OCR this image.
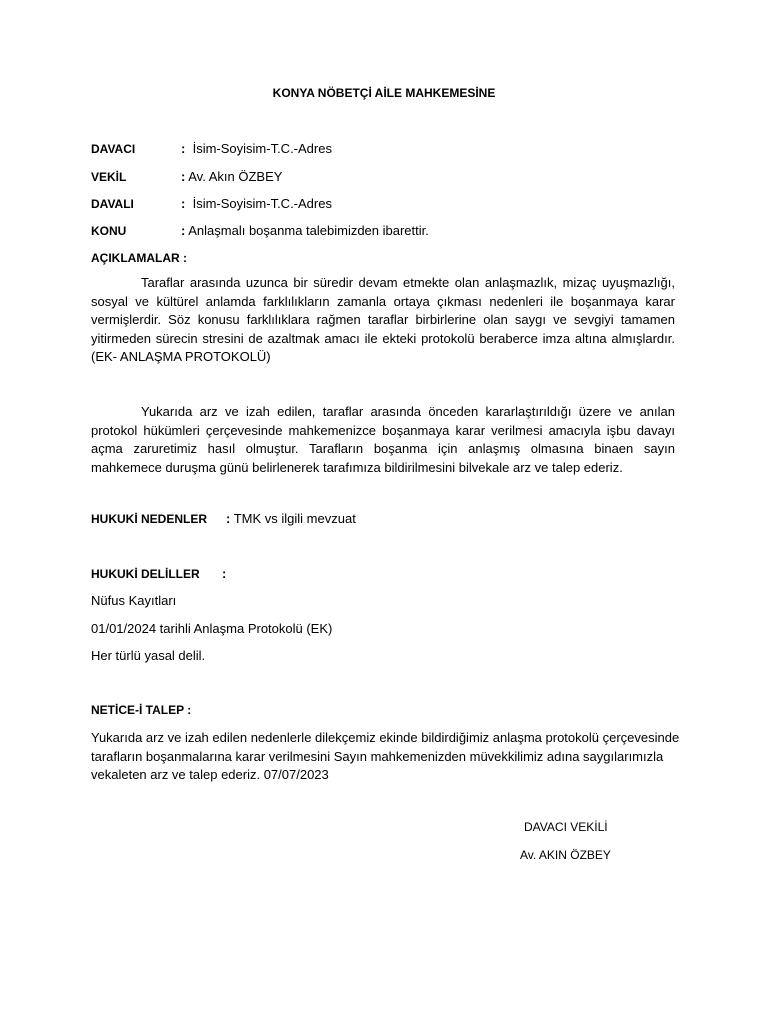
KONYA NÖBETÇİ AİLE MAHKEMESİNE
DAVACI	: İsim-Soyisim-T.C.-Adres
VEKİL	: Av. Akın ÖZBEY
DAVALI	: İsim-Soyisim-T.C.-Adres
KONU	: Anlaşmalı boşanma talebimizden ibarettir.
AÇIKLAMALAR :

Taraflar arasında uzunca bir süredir devam etmekte olan anlaşmazlık, mizaç uyuşmazlığı, sosyal ve kültürel anlamda farklılıkların zamanla ortaya çıkması nedenleri ile boşanmaya karar vermişlerdir. Söz konusu farklılıklara rağmen taraflar birbirlerine olan saygı ve sevgiyi tamamen yitirmeden sürecin stresini de azaltmak amacı ile ekteki protokolü beraberce imza altına almışlardır. (EK- ANLAŞMA PROTOKOLÜ)

Yukarıda arz ve izah edilen, taraflar arasında önceden kararlaştırıldığı üzere ve anılan protokol hükümleri çerçevesinde mahkemenizce boşanmaya karar verilmesi amacıyla işbu davayı açma zaruretimiz hasıl olmuştur. Tarafların boşanma için anlaşmış olmasına binaen sayın mahkemece duruşma günü belirlenerek tarafımıza bildirilmesini bilvekale arz ve talep ederiz.

HUKUKİ NEDENLER : TMK vs ilgili mevzuat
HUKUKİ DELİLLER :
Nüfus Kayıtları
01/01/2024 tarihli Anlaşma Protokolü (EK)
Her türlü yasal delil.
NETİCE-İ TALEP :

Yukarıda arz ve izah edilen nedenlerle dilekçemiz ekinde bildirdiğimiz anlaşma protokolü çerçevesinde tarafların boşanmalarına karar verilmesini Sayın mahkemenizden müvekkilimiz adına saygılarımızla vekaleten arz ve talep ederiz. 07/07/2023

DAVACI VEKİLİ
Av. AKIN ÖZBEY
